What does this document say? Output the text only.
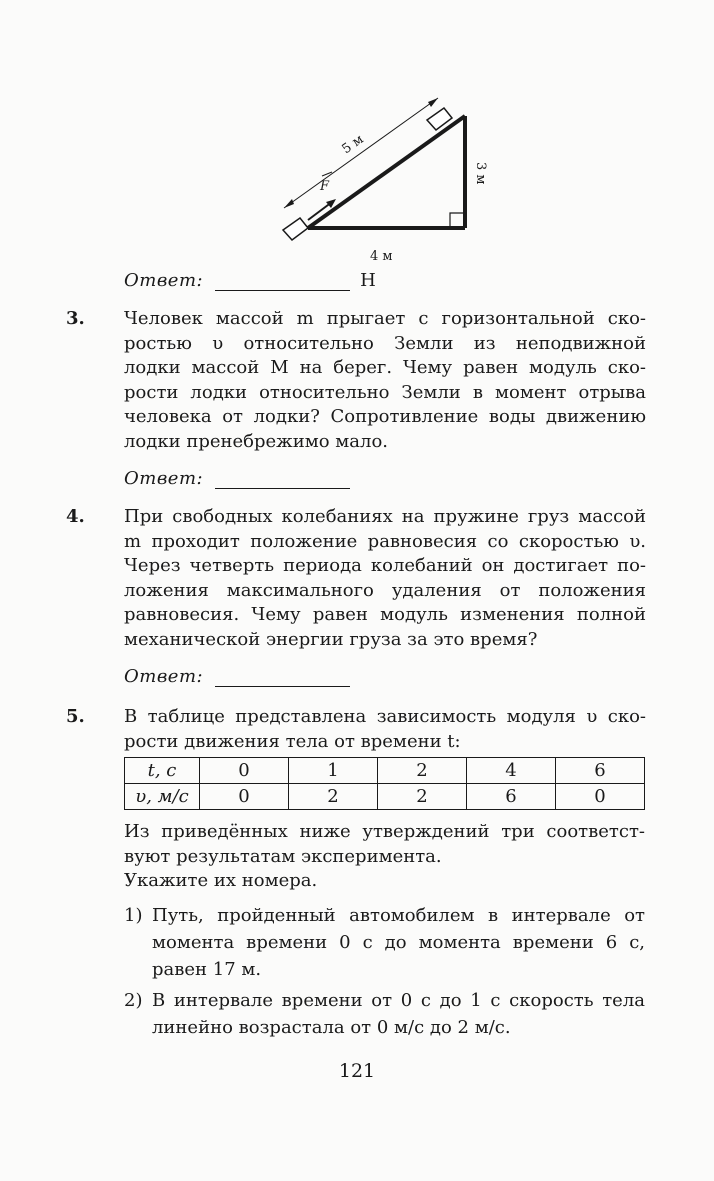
F
5 м
3 м
4 м
Ответ:	Н
3. Человек массой m прыгает с горизонтальной ско-
ростью υ относительно Земли из неподвижной
лодки массой M на берег. Чему равен модуль ско-
рости лодки относительно Земли в момент отрыва
человека от лодки? Сопротивление воды движению
лодки пренебрежимо мало.
Ответ:
4. При свободных колебаниях на пружине груз массой
m проходит положение равновесия со скоростью υ.
Через четверть периода колебаний он достигает по-
ложения максимального удаления от положения
равновесия. Чему равен модуль изменения полной
механической энергии груза за это время?
Ответ:
5. В таблице представлена зависимость модуля υ ско-
рости движения тела от времени t:
t, с	0	1	2	4	6
υ, м/с	0	2	2	6	0
Из приведённых ниже утверждений три соответст-
вуют результатам эксперимента.
Укажите их номера.
1) Путь, пройденный автомобилем в интервале от
момента времени 0 с до момента времени 6 с,
равен 17 м.
2) В интервале времени от 0 с до 1 с скорость тела
линейно возрастала от 0 м/с до 2 м/с.
121
